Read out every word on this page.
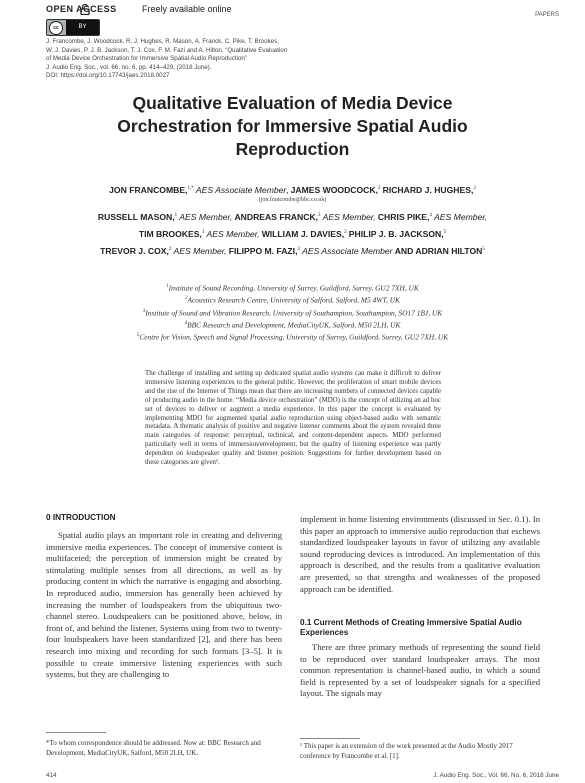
OPEN ACCESS	Freely available online
PAPERS
cc	BY
J. Francombe, J. Woodcock, R. J. Hughes, R. Mason, A. Franck, C. Pike, T. Brookes,
W. J. Davies, P. J. B. Jackson, T. J. Cox, F. M. Fazi and A. Hilton, “Qualitative Evaluation
of Media Device Orchestration for Immersive Spatial Audio Reproduction”
J. Audio Eng. Soc., vol. 66, no. 6, pp. 414–429, (2018 June).
DOI: https://doi.org/10.17743/jaes.2018.0027
Qualitative Evaluation of Media Device
Orchestration for Immersive Spatial Audio
Reproduction
JON FRANCOMBE,$^{1,*}$ AES Associate Member, JAMES WOODCOCK,$^2$ RICHARD J. HUGHES,$^2$
(jon.francombe@bbc.co.uk)
RUSSELL MASON,$^1$ AES Member, ANDREAS FRANCK,$^3$ AES Member, CHRIS PIKE,$^4$ AES Member,
TIM BROOKES,$^1$ AES Member, WILLIAM J. DAVIES,$^2$ PHILIP J. B. JACKSON,$^5$
TREVOR J. COX,$^2$ AES Member, FILIPPO M. FAZI,$^3$ AES Associate Member AND ADRIAN HILTON$^5$
$^1$Institute of Sound Recording, University of Surrey, Guildford, Surrey, GU2 7XH, UK
$^2$Acoustics Research Centre, University of Salford, Salford, M5 4WT, UK
$^3$Institute of Sound and Vibration Research, University of Southampton, Southampton, SO17 1BJ, UK
$^4$BBC Research and Development, MediaCityUK, Salford, M50 2LH, UK
$^5$Centre for Vision, Speech and Signal Processing, University of Surrey, Guildford, Surrey, GU2 7XH, UK
The challenge of installing and setting up dedicated spatial audio systems can make it difficult to deliver immersive listening experiences to the general public. However, the proliferation of smart mobile devices and the rise of the Internet of Things mean that there are increasing numbers of connected devices capable of producing audio in the home. “Media device orchestration” (MDO) is the concept of utilizing an ad hoc set of devices to deliver or augment a media experience. In this paper the concept is evaluated by implementing MDO for augmented spatial audio reproduction using object-based audio with semantic metadata. A thematic analysis of positive and negative listener comments about the system revealed three main categories of response: perceptual, technical, and content-dependent aspects. MDO performed particularly well in terms of immersion/envelopment, but the quality of listening experience was partly dependent on loudspeaker quality and listener position. Suggestions for further development based on these categories are given¹.
0 INTRODUCTION
Spatial audio plays an important role in creating and delivering immersive media experiences. The concept of immersive content is multifaceted; the perception of immersion might be created by stimulating multiple senses from all directions, as well as by producing content in which the narrative is engaging and absorbing. In reproduced audio, immersion has generally been achieved by increasing the number of loudspeakers from the ubiquitous two-channel stereo. Loudspeakers can be positioned above, below, in front of, and behind the listener. Systems using from two to twenty-four loudspeakers have been standardized [2], and there has been research into mixing and recording for such formats [3–5]. It is possible to create immersive listening experiences with such systems, but they are challenging to
implement in home listening environments (discussed in Sec. 0.1). In this paper an approach to immersive audio reproduction that eschews standardized loudspeaker layouts in favor of utilizing any available sound reproducing devices is introduced. An implementation of this approach is described, and the results from a qualitative evaluation are presented, so that strengths and weaknesses of the proposed approach can be identified.
0.1 Current Methods of Creating Immersive Spatial Audio Experiences
There are three primary methods of representing the sound field to be reproduced over standard loudspeaker arrays. The most common representation is channel-based audio, in which a sound field is represented by a set of loudspeaker signals for a specified layout. The signals may
*To whom correspondence should be addressed. Now at: BBC Research and Development, MediaCityUK, Salford, M50 2LH, UK.
¹ This paper is an extension of the work presented at the Audio Mostly 2017 conference by Francombe et al. [1].
414	J. Audio Eng. Soc., Vol. 66, No. 6, 2018 June
